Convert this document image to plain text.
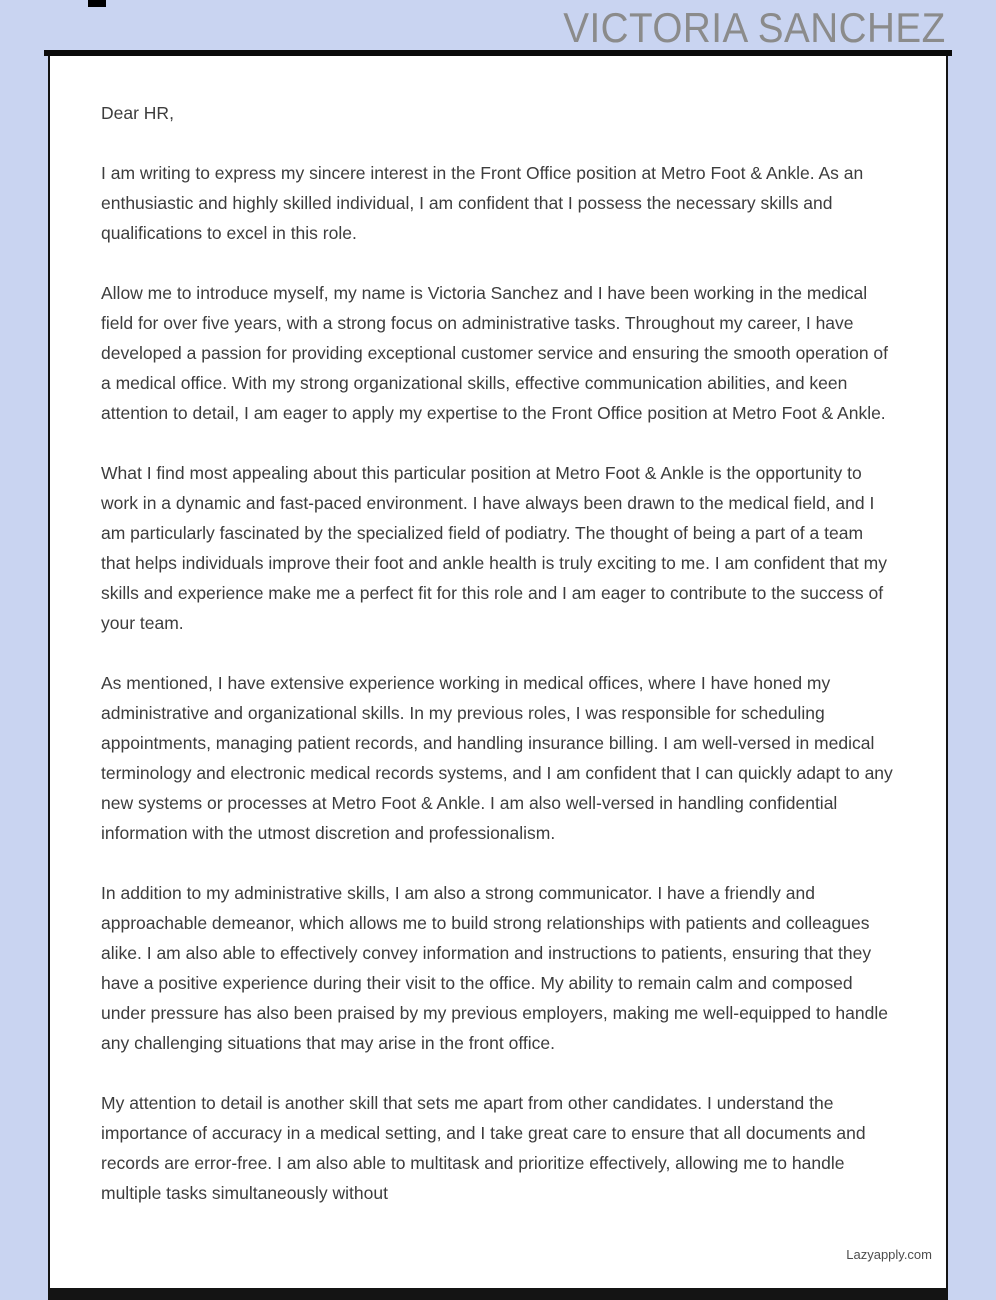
VICTORIA SANCHEZ

Dear HR,

I am writing to express my sincere interest in the Front Office position at Metro Foot & Ankle. As an enthusiastic and highly skilled individual, I am confident that I possess the necessary skills and qualifications to excel in this role.

Allow me to introduce myself, my name is Victoria Sanchez and I have been working in the medical field for over five years, with a strong focus on administrative tasks. Throughout my career, I have developed a passion for providing exceptional customer service and ensuring the smooth operation of a medical office. With my strong organizational skills, effective communication abilities, and keen attention to detail, I am eager to apply my expertise to the Front Office position at Metro Foot & Ankle.

What I find most appealing about this particular position at Metro Foot & Ankle is the opportunity to work in a dynamic and fast-paced environment. I have always been drawn to the medical field, and I am particularly fascinated by the specialized field of podiatry. The thought of being a part of a team that helps individuals improve their foot and ankle health is truly exciting to me. I am confident that my skills and experience make me a perfect fit for this role and I am eager to contribute to the success of your team.

As mentioned, I have extensive experience working in medical offices, where I have honed my administrative and organizational skills. In my previous roles, I was responsible for scheduling appointments, managing patient records, and handling insurance billing. I am well-versed in medical terminology and electronic medical records systems, and I am confident that I can quickly adapt to any new systems or processes at Metro Foot & Ankle. I am also well-versed in handling confidential information with the utmost discretion and professionalism.

In addition to my administrative skills, I am also a strong communicator. I have a friendly and approachable demeanor, which allows me to build strong relationships with patients and colleagues alike. I am also able to effectively convey information and instructions to patients, ensuring that they have a positive experience during their visit to the office. My ability to remain calm and composed under pressure has also been praised by my previous employers, making me well-equipped to handle any challenging situations that may arise in the front office.

My attention to detail is another skill that sets me apart from other candidates. I understand the importance of accuracy in a medical setting, and I take great care to ensure that all documents and records are error-free. I am also able to multitask and prioritize effectively, allowing me to handle multiple tasks simultaneously without

Lazyapply.com
